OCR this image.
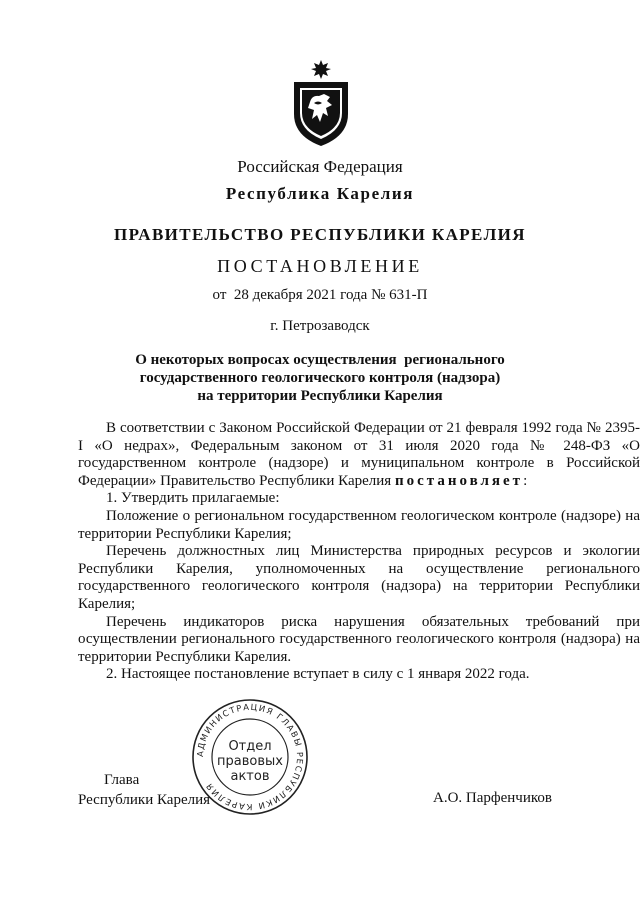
Российская Федерация
Республика Карелия
ПРАВИТЕЛЬСТВО РЕСПУБЛИКИ КАРЕЛИЯ
ПОСТАНОВЛЕНИЕ
от  28 декабря 2021 года № 631-П
г. Петрозаводск
О некоторых вопросах осуществления  регионального
государственного геологического контроля (надзора)
на территории Республики Карелия

В соответствии с Законом Российской Федерации от 21 февраля 1992 года № 2395-I «О недрах», Федеральным законом от 31 июля 2020 года № 248-ФЗ «О государственном контроле (надзоре) и муниципальном контроле в Российской Федерации» Правительство Республики Карелия постановляет:

1. Утвердить прилагаемые:

Положение о региональном государственном геологическом контроле (надзоре) на территории Республики Карелия;

Перечень должностных лиц Министерства природных ресурсов и экологии Республики Карелия, уполномоченных на осуществление регионального государственного геологического контроля (надзора) на территории Республики Карелия;

Перечень индикаторов риска нарушения обязательных требований при осуществлении регионального государственного геологического контроля (надзора) на территории Республики Карелия.

2. Настоящее постановление вступает в силу с 1 января 2022 года.

АДМИНИСТРАЦИЯ ГЛАВЫ РЕСПУБЛИКИ КАРЕЛИЯ
Отдел
правовых
актов
Глава
Республики Карелия	А.О. Парфенчиков
